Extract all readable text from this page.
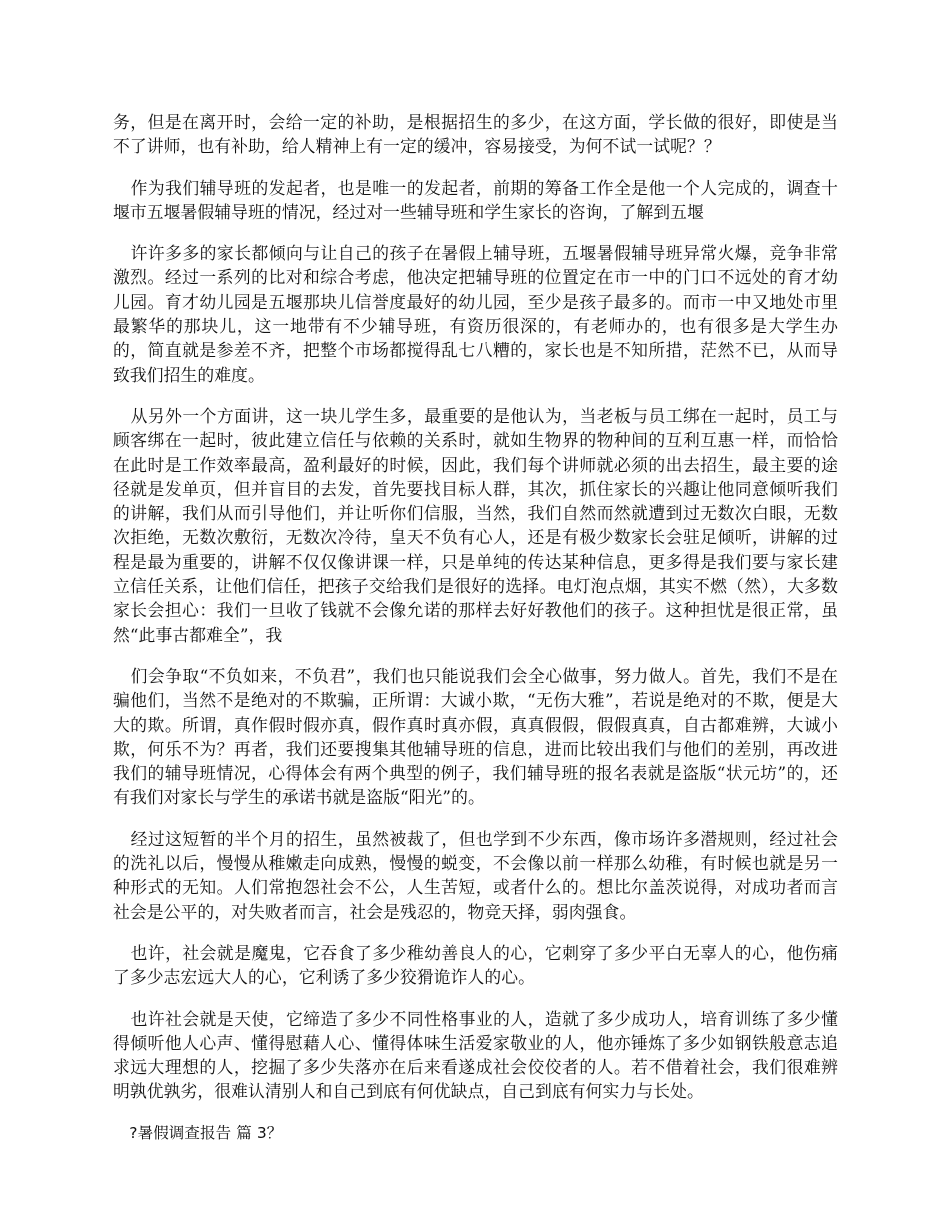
务，但是在离开时，会给一定的补助，是根据招生的多少，在这方面，学长做的很好，即使是当不了讲师，也有补助，给人精神上有一定的缓冲，容易接受，为何不试一试呢？？

作为我们辅导班的发起者，也是唯一的发起者，前期的筹备工作全是他一个人完成的，调查十堰市五堰暑假辅导班的情况，经过对一些辅导班和学生家长的咨询，了解到五堰

许许多多的家长都倾向与让自己的孩子在暑假上辅导班，五堰暑假辅导班异常火爆，竞争非常激烈。经过一系列的比对和综合考虑，他决定把辅导班的位置定在市一中的门口不远处的育才幼儿园。育才幼儿园是五堰那块儿信誉度最好的幼儿园，至少是孩子最多的。而市一中又地处市里最繁华的那块儿，这一地带有不少辅导班，有资历很深的，有老师办的，也有很多是大学生办的，简直就是参差不齐，把整个市场都搅得乱七八糟的，家长也是不知所措，茫然不已，从而导致我们招生的难度。

从另外一个方面讲，这一块儿学生多，最重要的是他认为，当老板与员工绑在一起时，员工与顾客绑在一起时，彼此建立信任与依赖的关系时，就如生物界的物种间的互利互惠一样，而恰恰在此时是工作效率最高，盈利最好的时候，因此，我们每个讲师就必须的出去招生，最主要的途径就是发单页，但并盲目的去发，首先要找目标人群，其次，抓住家长的兴趣让他同意倾听我们的讲解，我们从而引导他们，并让听你们信服，当然，我们自然而然就遭到过无数次白眼，无数次拒绝，无数次敷衍，无数次冷待，皇天不负有心人，还是有极少数家长会驻足倾听，讲解的过程是最为重要的，讲解不仅仅像讲课一样，只是单纯的传达某种信息，更多得是我们要与家长建立信任关系，让他们信任，把孩子交给我们是很好的选择。电灯泡点烟，其实不燃（然），大多数家长会担心：我们一旦收了钱就不会像允诺的那样去好好教他们的孩子。这种担忧是很正常，虽然“此事古都难全”，我

们会争取“不负如来，不负君”，我们也只能说我们会全心做事，努力做人。首先，我们不是在骗他们，当然不是绝对的不欺骗，正所谓：大诚小欺，“无伤大雅”，若说是绝对的不欺，便是大大的欺。所谓，真作假时假亦真，假作真时真亦假，真真假假，假假真真，自古都难辨，大诚小欺，何乐不为？再者，我们还要搜集其他辅导班的信息，进而比较出我们与他们的差别，再改进我们的辅导班情况，心得体会有两个典型的例子，我们辅导班的报名表就是盗版“状元坊”的，还有我们对家长与学生的承诺书就是盗版“阳光”的。

经过这短暂的半个月的招生，虽然被裁了，但也学到不少东西，像市场许多潜规则，经过社会的洗礼以后，慢慢从稚嫩走向成熟，慢慢的蜕变，不会像以前一样那么幼稚，有时候也就是另一种形式的无知。人们常抱怨社会不公，人生苦短，或者什么的。想比尔盖茨说得，对成功者而言社会是公平的，对失败者而言，社会是残忍的，物竞天择，弱肉强食。

也许，社会就是魔鬼，它吞食了多少稚幼善良人的心，它刺穿了多少平白无辜人的心，他伤痛了多少志宏远大人的心，它利诱了多少狡猾诡诈人的心。

也许社会就是天使，它缔造了多少不同性格事业的人，造就了多少成功人，培育训练了多少懂得倾听他人心声、懂得慰藉人心、懂得体味生活爱家敬业的人，他亦锤炼了多少如钢铁般意志追求远大理想的人，挖掘了多少失落亦在后来看遂成社会佼佼者的人。若不借着社会，我们很难辨明孰优孰劣，很难认清别人和自己到底有何优缺点，自己到底有何实力与长处。

?暑假调查报告 篇 3？
